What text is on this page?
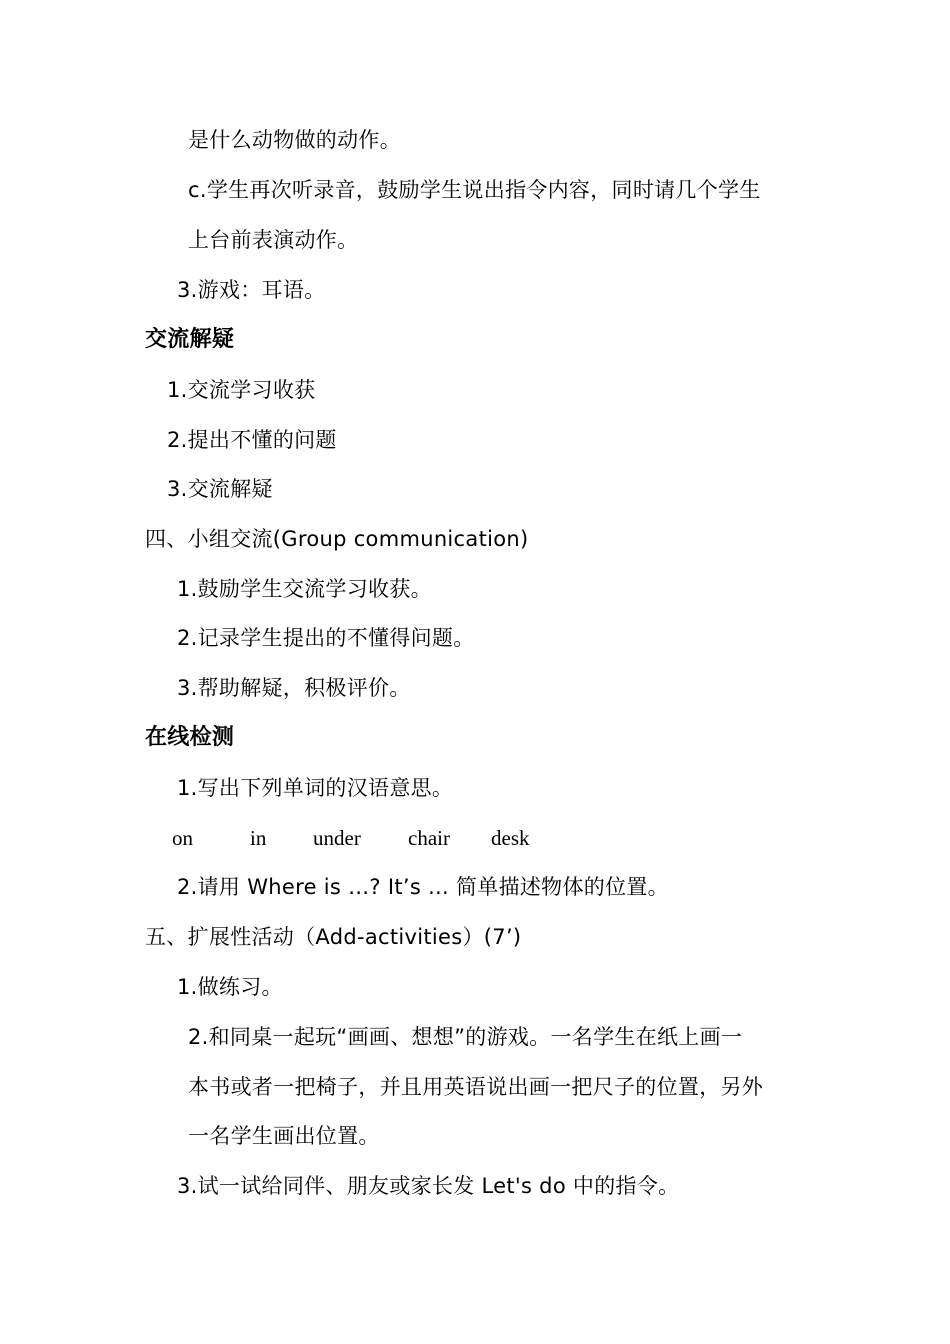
是什么动物做的动作。
c.学生再次听录音，鼓励学生说出指令内容，同时请几个学生
上台前表演动作。
3.游戏：耳语。
交流解疑
1.交流学习收获
2.提出不懂的问题
3.交流解疑
四、小组交流(Group communication)
1.鼓励学生交流学习收获。
2.记录学生提出的不懂得问题。
3.帮助解疑，积极评价。
在线检测
1.写出下列单词的汉语意思。
on	in under chair desk
2.请用 Where is …? It’s ... 简单描述物体的位置。
五、扩展性活动（Add-activities）(7’)
1.做练习。
2.和同桌一起玩“画画、想想”的游戏。一名学生在纸上画一
本书或者一把椅子，并且用英语说出画一把尺子的位置，另外
一名学生画出位置。
3.试一试给同伴、朋友或家长发 Let's do 中的指令。
